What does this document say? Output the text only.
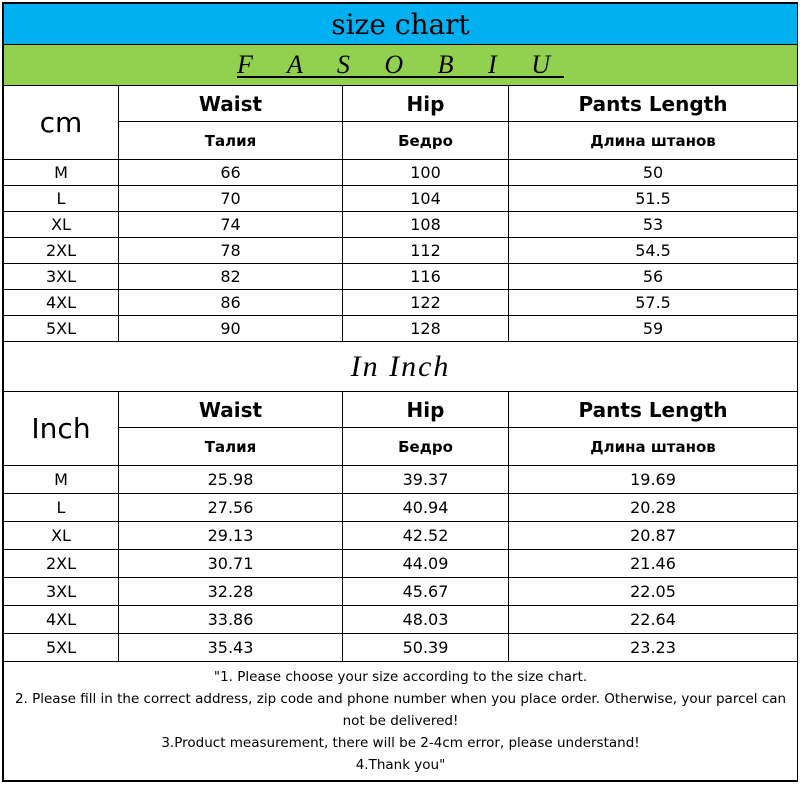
size chart			
F A S O B I U			
cm	Waist	Hip	Pants Length
	Талия	Бедро	Длина штанов
M	66	100	50
L	70	104	51.5
XL	74	108	53
2XL	78	112	54.5
3XL	82	116	56
4XL	86	122	57.5
5XL	90	128	59
In Inch			
Inch	Waist	Hip	Pants Length
	Талия	Бедро	Длина штанов
M	25.98	39.37	19.69
L	27.56	40.94	20.28
XL	29.13	42.52	20.87
2XL	30.71	44.09	21.46
3XL	32.28	45.67	22.05
4XL	33.86	48.03	22.64
5XL	35.43	50.39	23.23

"1. Please choose your size according to the size chart.
2. Please fill in the correct address, zip code and phone number when you place order. Otherwise, your parcel can not be delivered!
3.Product measurement, there will be 2-4cm error, please understand!
4.Thank you"			
